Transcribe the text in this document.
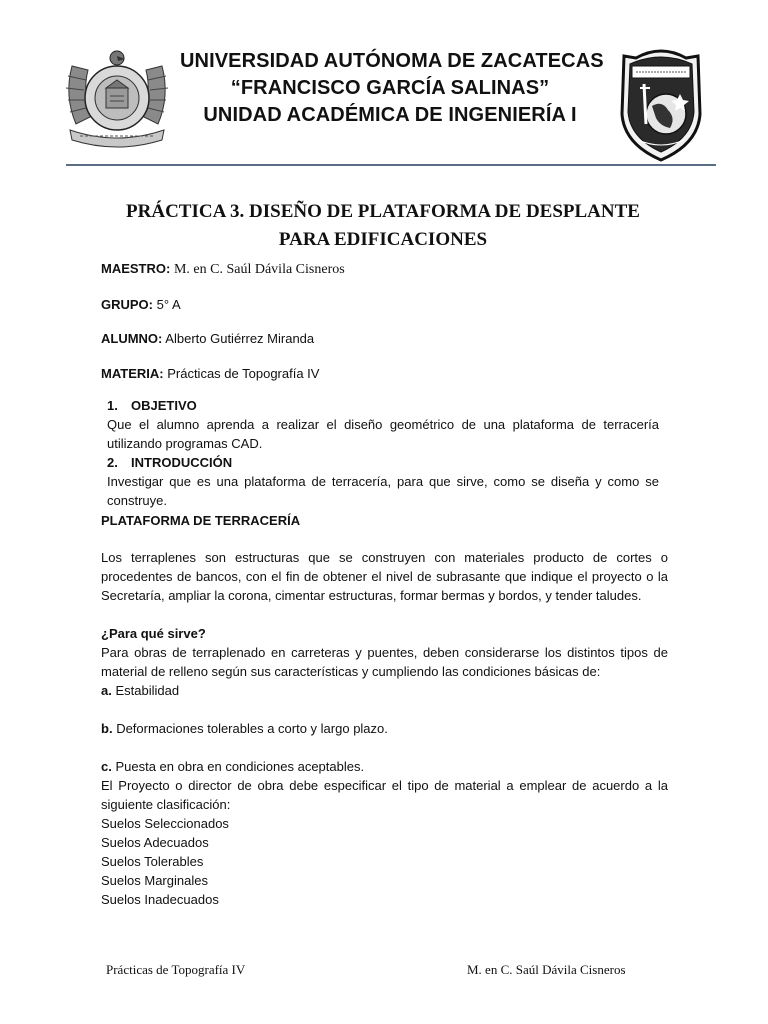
UNIVERSIDAD AUTÓNOMA DE ZACATECAS
“FRANCISCO GARCÍA SALINAS”
UNIDAD ACADÉMICA DE INGENIERÍA I
PRÁCTICA 3. DISEÑO DE PLATAFORMA DE DESPLANTE
PARA EDIFICACIONES
MAESTRO: M. en C. Saúl Dávila Cisneros
GRUPO: 5° A
ALUMNO: Alberto Gutiérrez Miranda
MATERIA: Prácticas de Topografía IV
1. OBJETIVO
Que el alumno aprenda a realizar el diseño geométrico de una plataforma de terracería utilizando programas CAD.
2. INTRODUCCIÓN
Investigar que es una plataforma de terracería, para que sirve, como se diseña y como se construye.
PLATAFORMA DE TERRACERÍA
Los terraplenes son estructuras que se construyen con materiales producto de cortes o procedentes de bancos, con el fin de obtener el nivel de subrasante que indique el proyecto o la Secretaría, ampliar la corona, cimentar estructuras, formar bermas y bordos, y tender taludes.
¿Para qué sirve?
Para obras de terraplenado en carreteras y puentes, deben considerarse los distintos tipos de material de relleno según sus características y cumpliendo las condiciones básicas de:
a. Estabilidad
b. Deformaciones tolerables a corto y largo plazo.
c. Puesta en obra en condiciones aceptables.
El Proyecto o director de obra debe especificar el tipo de material a emplear de acuerdo a la siguiente clasificación:
Suelos Seleccionados
Suelos Adecuados
Suelos Tolerables
Suelos Marginales
Suelos Inadecuados
Prácticas de Topografía IV	M. en C. Saúl Dávila Cisneros
